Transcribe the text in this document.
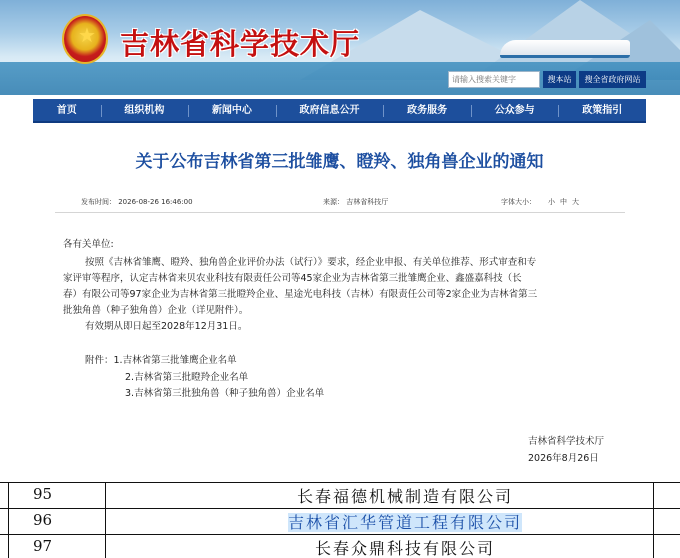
★ 吉林省科学技术厅
请输入搜索关键字
搜本站	搜全省政府网站
首页	组织机构	新闻中心	政府信息公开	政务服务	公众参与	政策指引
关于公布吉林省第三批雏鹰、瞪羚、独角兽企业的通知
发布时间： 2026-08-26 16:46:00	来源： 吉林省科技厅	字体大小： 小 中 大
各有关单位:
按照《吉林省雏鹰、瞪羚、独角兽企业评价办法（试行）》要求，经企业申报、有关单位推荐、形式审查和专
家评审等程序，认定吉林省来贝农业科技有限责任公司等45家企业为吉林省第三批雏鹰企业、鑫盛嘉科技（长
春）有限公司等97家企业为吉林省第三批瞪羚企业、星途光电科技（吉林）有限责任公司等2家企业为吉林省第三
批独角兽（种子独角兽）企业（详见附件）。
有效期从即日起至2028年12月31日。
附件：1.吉林省第三批雏鹰企业名单
2.吉林省第三批瞪羚企业名单
3.吉林省第三批独角兽（种子独角兽）企业名单
吉林省科学技术厅
2026年8月26日
95	长春福德机械制造有限公司
96	吉林省汇华管道工程有限公司
97	长春众鼎科技有限公司
